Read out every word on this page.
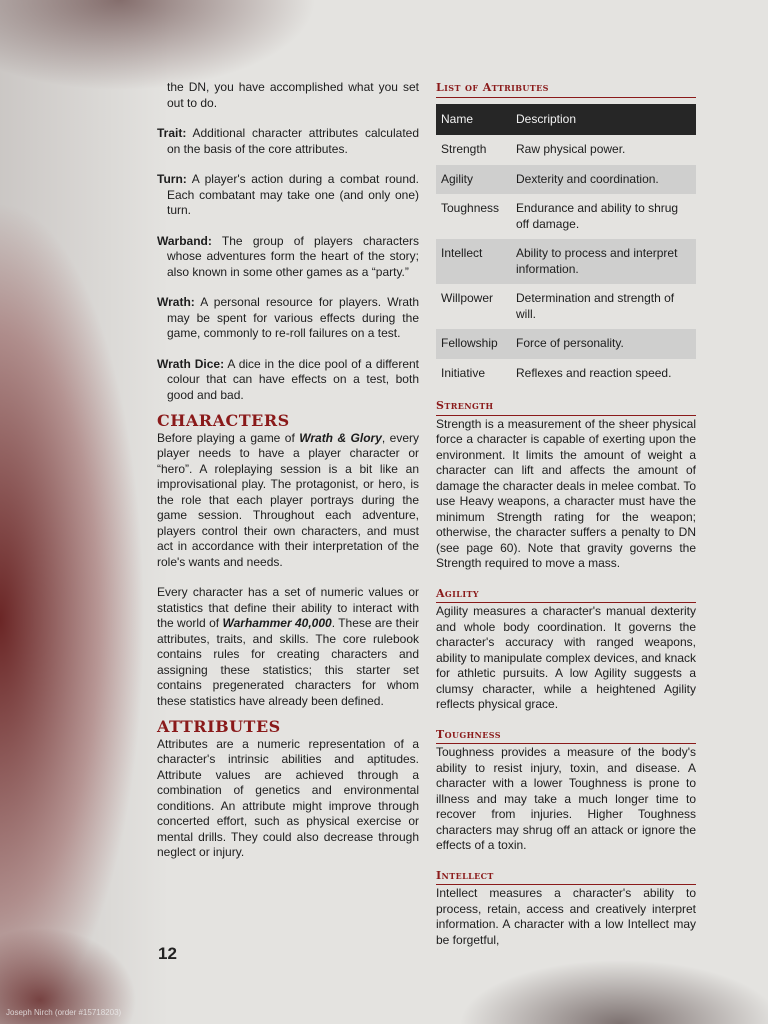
the DN, you have accomplished what you set out to do.

Trait: Additional character attributes calculated on the basis of the core attributes.

Turn: A player's action during a combat round. Each combatant may take one (and only one) turn.

Warband: The group of players characters whose adventures form the heart of the story; also known in some other games as a “party.”

Wrath: A personal resource for players. Wrath may be spent for various effects during the game, commonly to re-roll failures on a test.

Wrath Dice: A dice in the dice pool of a different colour that can have effects on a test, both good and bad.

CHARACTERS

Before playing a game of Wrath & Glory, every player needs to have a player character or “hero”. A roleplaying session is a bit like an improvisational play. The protagonist, or hero, is the role that each player portrays during the game session. Throughout each adventure, players control their own characters, and must act in accordance with their interpretation of the role's wants and needs.

Every character has a set of numeric values or statistics that define their ability to interact with the world of Warhammer 40,000. These are their attributes, traits, and skills. The core rulebook contains rules for creating characters and assigning these statistics; this starter set contains pregenerated characters for whom these statistics have already been defined.

ATTRIBUTES

Attributes are a numeric representation of a character's intrinsic abilities and aptitudes. Attribute values are achieved through a combination of genetics and environmental conditions. An attribute might improve through concerted effort, such as physical exercise or mental drills. They could also decrease through neglect or injury.

List of Attributes
Name	Description
Strength	Raw physical power.
Agility	Dexterity and coordination.
Toughness	Endurance and ability to shrug off damage.
Intellect	Ability to process and interpret information.
Willpower	Determination and strength of will.
Fellowship	Force of personality.
Initiative	Reflexes and reaction speed.
Strength

Strength is a measurement of the sheer physical force a character is capable of exerting upon the environment. It limits the amount of weight a character can lift and affects the amount of damage the character deals in melee combat. To use Heavy weapons, a character must have the minimum Strength rating for the weapon; otherwise, the character suffers a penalty to DN (see page 60). Note that gravity governs the Strength required to move a mass.

Agility

Agility measures a character's manual dexterity and whole body coordination. It governs the character's accuracy with ranged weapons, ability to manipulate complex devices, and knack for athletic pursuits. A low Agility suggests a clumsy character, while a heightened Agility reflects physical grace.

Toughness

Toughness provides a measure of the body's ability to resist injury, toxin, and disease. A character with a lower Toughness is prone to illness and may take a much longer time to recover from injuries. Higher Toughness characters may shrug off an attack or ignore the effects of a toxin.

Intellect

Intellect measures a character's ability to process, retain, access and creatively interpret information. A character with a low Intellect may be forgetful,

12
Joseph Nirch (order #15718203)
